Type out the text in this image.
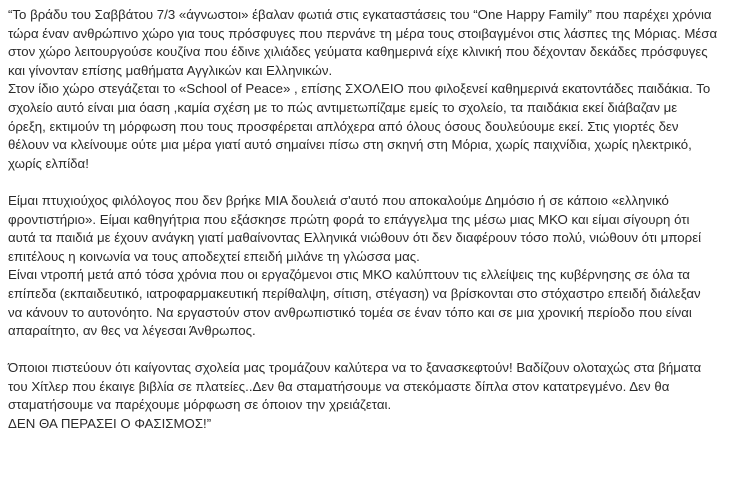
“Το βράδυ του Σαββάτου 7/3 «άγνωστοι» έβαλαν φωτιά στις εγκαταστάσεις του “One Happy Family” που παρέχει χρόνια
τώρα έναν ανθρώπινο χώρο για τους πρόσφυγες που περνάνε τη μέρα τους στοιβαγμένοι στις λάσπες της Μόριας. Μέσα
στον χώρο λειτουργούσε κουζίνα που έδινε χιλιάδες γεύματα καθημερινά είχε κλινική που δέχονταν δεκάδες πρόσφυγες
και γίνονταν επίσης μαθήματα Αγγλικών και Ελληνικών.
Στον ίδιο χώρο στεγάζεται το «School of Peace» , επίσης ΣΧΟΛΕΙΟ που φιλοξενεί καθημερινά εκατοντάδες παιδάκια. Το
σχολείο αυτό είναι μια όαση ,καμία σχέση με το πώς αντιμετωπίζαμε εμείς το σχολείο, τα παιδάκια εκεί διάβαζαν με
όρεξη, εκτιμούν τη μόρφωση που τους προσφέρεται απλόχερα από όλους όσους δουλεύουμε εκεί. Στις γιορτές δεν
θέλουν να κλείνουμε ούτε μια μέρα γιατί αυτό σημαίνει πίσω στη σκηνή στη Μόρια, χωρίς παιχνίδια, χωρίς ηλεκτρικό,
χωρίς ελπίδα!
Είμαι πτυχιούχος φιλόλογος που δεν βρήκε ΜΙΑ δουλειά σ'αυτό που αποκαλούμε Δημόσιο ή σε κάποιο «ελληνικό
φροντιστήριο». Είμαι καθηγήτρια που εξάσκησε πρώτη φορά το επάγγελμα της μέσω μιας ΜΚΟ και είμαι σίγουρη ότι
αυτά τα παιδιά με έχουν ανάγκη γιατί μαθαίνοντας Ελληνικά νιώθουν ότι δεν διαφέρουν τόσο πολύ, νιώθουν ότι μπορεί
επιτέλους η κοινωνία να τους αποδεχτεί επειδή μιλάνε τη γλώσσα μας.
Είναι ντροπή μετά από τόσα χρόνια που οι εργαζόμενοι στις ΜΚΟ καλύπτουν τις ελλείψεις της κυβέρνησης σε όλα τα
επίπεδα (εκπαιδευτικό, ιατροφαρμακευτική περίθαλψη, σίτιση, στέγαση) να βρίσκονται στο στόχαστρο επειδή διάλεξαν
να κάνουν το αυτονόητο. Να εργαστούν στον ανθρωπιστικό τομέα σε έναν τόπο και σε μια χρονική περίοδο που είναι
απαραίτητο, αν θες να λέγεσαι Άνθρωπος.
Όποιοι πιστεύουν ότι καίγοντας σχολεία μας τρομάζουν καλύτερα να το ξανασκεφτούν! Βαδίζουν ολοταχώς στα βήματα
του Χίτλερ που έκαιγε βιβλία σε πλατείες..Δεν θα σταματήσουμε να στεκόμαστε δίπλα στον κατατρεγμένο. Δεν θα
σταματήσουμε να παρέχουμε μόρφωση σε όποιον την χρειάζεται.
ΔΕΝ ΘΑ ΠΕΡΑΣΕΙ Ο ΦΑΣΙΣΜΟΣ!”
